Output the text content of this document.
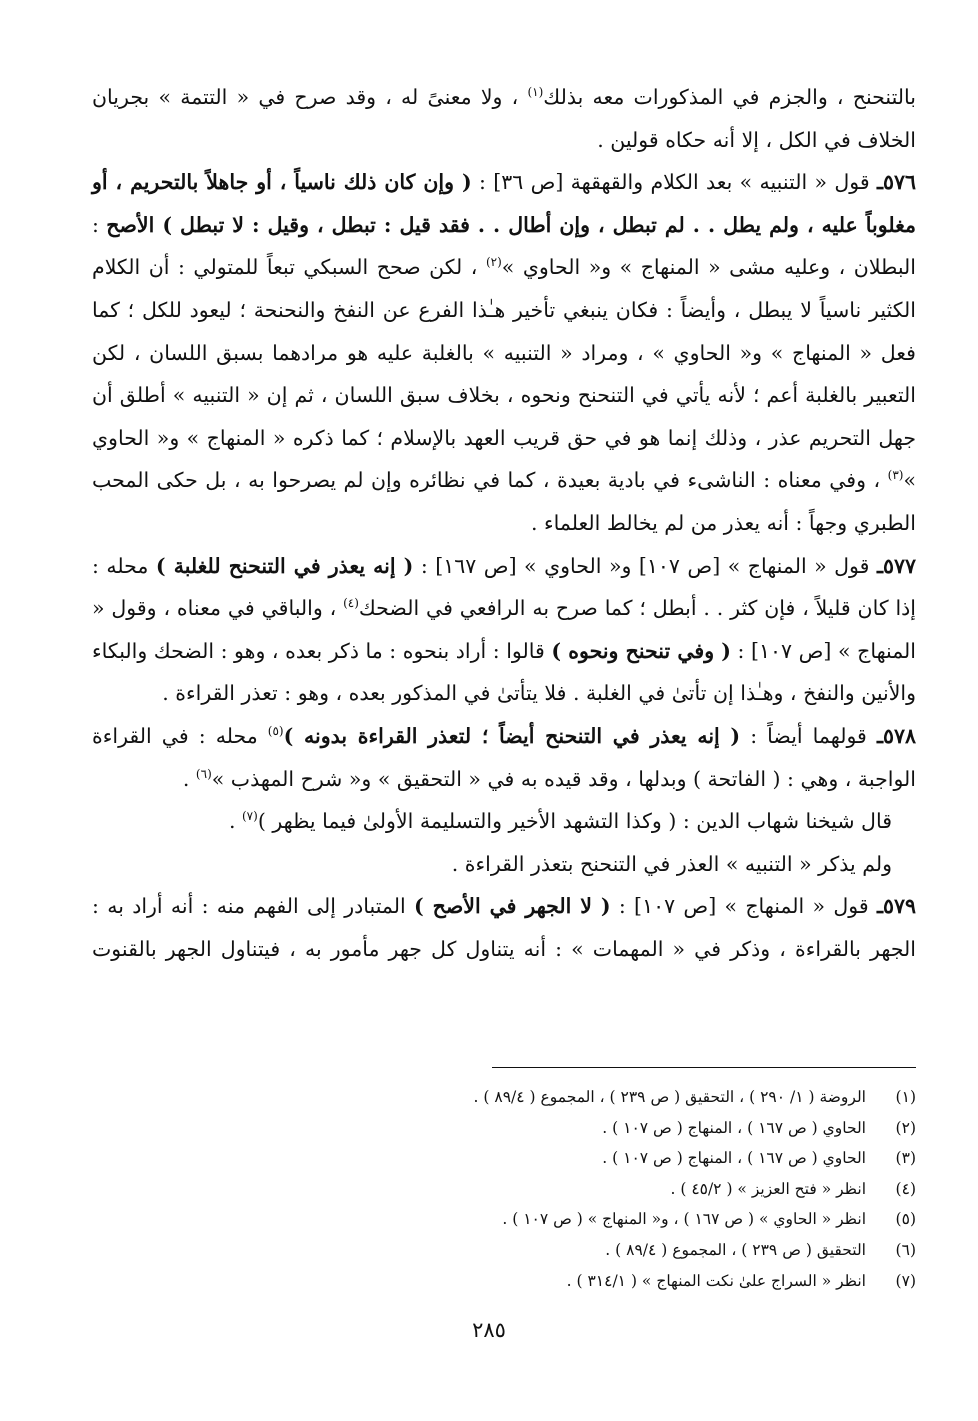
بالتنحنح ، والجزم في المذكورات معه بذلك$^{(١)}$ ، ولا معنىً له ، وقد صرح في « التتمة » بجريان الخلاف في الكل ، إلا أنه حكاه قولين .

٥٧٦ـ قول « التنبيه » بعد الكلام والقهقهة [ص ٣٦] : ( وإن كان ذلك ناسياً ، أو جاهلاً بالتحريم ، أو مغلوباً عليه ، ولم يطل . . لم تبطل ، وإن أطال . . فقد قيل : تبطل ، وقيل : لا تبطل ) الأصح : البطلان ، وعليه مشى « المنهاج » و« الحاوي »$^{(٢)}$ ، لكن صحح السبكي تبعاً للمتولي : أن الكلام الكثير ناسياً لا يبطل ، وأيضاً : فكان ينبغي تأخير هـٰذا الفرع عن النفخ والنحنحة ؛ ليعود للكل ؛ كما فعل « المنهاج » و« الحاوي » ، ومراد « التنبيه » بالغلبة عليه هو مرادهما بسبق اللسان ، لكن التعبير بالغلبة أعم ؛ لأنه يأتي في التنحنح ونحوه ، بخلاف سبق اللسان ، ثم إن « التنبيه » أطلق أن جهل التحريم عذر ، وذلك إنما هو في حق قريب العهد بالإسلام ؛ كما ذكره « المنهاج » و« الحاوي »$^{(٣)}$ ، وفي معناه : الناشىء في بادية بعيدة ، كما في نظائره وإن لم يصرحوا به ، بل حكى المحب الطبري وجهاً : أنه يعذر من لم يخالط العلماء .

٥٧٧ـ قول « المنهاج » [ص ١٠٧] و« الحاوي » [ص ١٦٧] : ( إنه يعذر في التنحنح للغلبة ) محله : إذا كان قليلاً ، فإن كثر . . أبطل ؛ كما صرح به الرافعي في الضحك$^{(٤)}$ ، والباقي في معناه ، وقول « المنهاج » [ص ١٠٧] : ( وفي تنحنح ونحوه ) قالوا : أراد بنحوه : ما ذكر بعده ، وهو : الضحك والبكاء والأنين والنفخ ، وهـٰذا إن تأتىٰ في الغلبة . فلا يتأتىٰ في المذكور بعده ، وهو : تعذر القراءة .

٥٧٨ـ قولهما أيضاً : ( إنه يعذر في التنحنح أيضاً ؛ لتعذر القراءة بدونه )$^{(٥)}$ محله : في القراءة الواجبة ، وهي : ( الفاتحة ) وبدلها ، وقد قيده به في « التحقيق » و« شرح المهذب »$^{(٦)}$ .

قال شيخنا شهاب الدين : ( وكذا التشهد الأخير والتسليمة الأولىٰ فيما يظهر )$^{(٧)}$ .

ولم يذكر « التنبيه » العذر في التنحنح بتعذر القراءة .

٥٧٩ـ قول « المنهاج » [ص ١٠٧] : ( لا الجهر في الأصح ) المتبادر إلى الفهم منه : أنه أراد به : الجهر بالقراءة ، وذكر في « المهمات » : أنه يتناول كل جهر مأمور به ، فيتناول الجهر بالقنوت

(١)الروضة ( ١/ ٢٩٠ ) ، التحقيق ( ص ٢٣٩ ) ، المجموع ( ٨٩/٤ ) .
(٢)الحاوي ( ص ١٦٧ ) ، المنهاج ( ص ١٠٧ ) .
(٣)الحاوي ( ص ١٦٧ ) ، المنهاج ( ص ١٠٧ ) .
(٤)انظر « فتح العزيز » ( ٤٥/٢ ) .
(٥)انظر « الحاوي » ( ص ١٦٧ ) ، و« المنهاج » ( ص ١٠٧ ) .
(٦)التحقيق ( ص ٢٣٩ ) ، المجموع ( ٨٩/٤ ) .
(٧)انظر « السراج علىٰ نكت المنهاج » ( ٣١٤/١ ) .
٢٨٥
